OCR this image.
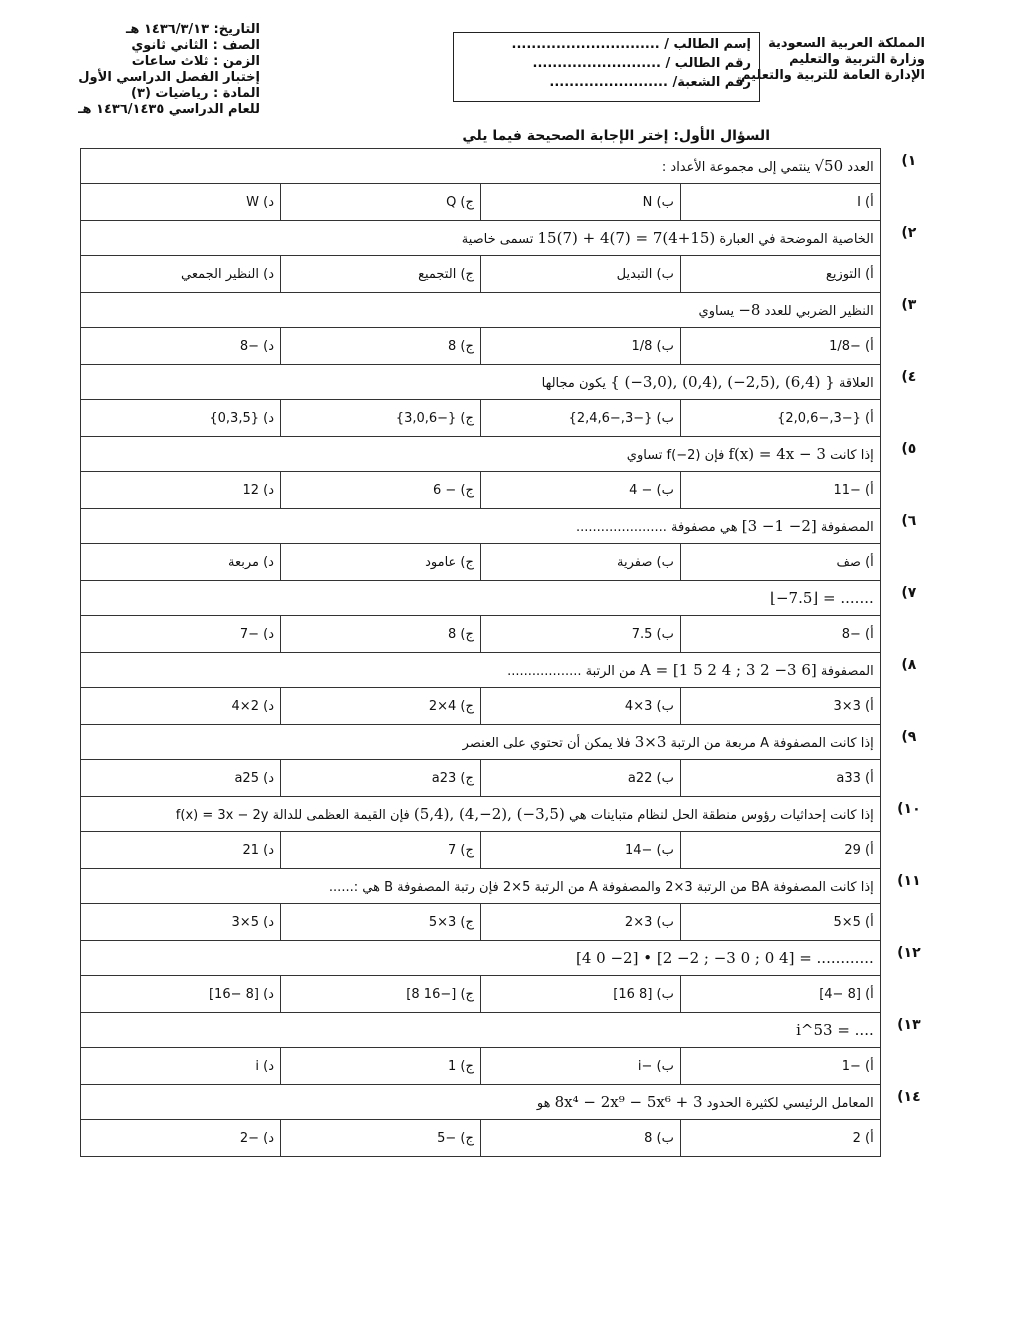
المملكة العربية السعودية
وزارة التربية والتعليم
الإدارة العامة للتربية والتعليم
إسم الطالب / ..............................
رقم الطالب / ..........................
رقم الشعبة/ ........................
التاريخ: ١٤٣٦/٣/١٣ هـ
الصف : الثاني ثانوي
الزمن : ثلاث ساعات
إختبار الفصل الدراسي الأول
المادة : رياضيات (٣)
للعام الدراسي ١٤٣٦/١٤٣٥ هـ
السؤال الأول: إختر الإجابة الصحيحة فيما يلي
١)	العدد √50 ينتمي إلى مجموعة الأعداد :			
	أ) I	ب) N	ج) Q	د) W
٢)	الخاصية الموضحة في العبارة 15(7) + 4(7) = 7(4+15) تسمى خاصية			
	أ) التوزيع	ب) التبديل	ج) التجميع	د) النظير الجمعي
٣)	النظير الضربي للعدد −8 يساوي			
	أ) −1/8	ب) 1/8	ج) 8	د) −8
٤)	العلاقة { (−3,0), (0,4), (−2,5), (6,4) } يكون مجالها			
	أ) {−3,−2,0,6}	ب) {−3,−2,4,6}	ج) {−3,0,6}	د) {0,3,5}
٥)	إذا كانت f(x) = 4x − 3 فإن f(−2) تساوي			
	أ) −11	ب) − 4	ج) − 6	د) 12
٦)	المصفوفة [3 −1 −2] هي مصفوفة ......................			
	أ) صف	ب) صفرية	ج) عامود	د) مربعة
٧)	⌊−7.5⌋ = .......			
	أ) −8	ب) 7.5	ج) 8	د) −7
٨)	المصفوفة A = [1 5 2 4 ; 3 2 −3 6] من الرتبة ..................			
	أ) 3×3	ب) 3×4	ج) 4×2	د) 2×4
٩)	إذا كانت المصفوفة A مربعة من الرتبة 3×3 فلا يمكن أن تحتوي على العنصر			
	أ) a33	ب) a22	ج) a23	د) a25
١٠)	إذا كانت إحداثيات رؤوس منطقة الحل لنظام متباينات هي (5,4), (4,−2), (−3,5) فإن القيمة العظمى للدالة f(x) = 3x − 2y			
	أ) 29	ب) −14	ج) 7	د) 21
١١)	إذا كانت المصفوفة BA من الرتبة 3×2 والمصفوفة A من الرتبة 5×2 فإن رتبة المصفوفة B هي :......			
	أ) 5×5	ب) 3×2	ج) 3×5	د) 5×3
١٢)	[4 0 −2] • [2 −2 ; −3 0 ; 0 4] = ............			
	أ) [8 −4]	ب) [8 16]	ج) [−16 8]	د) [8 −16]
١٣)	i^53 = ....			
	أ) −1	ب) −i	ج) 1	د) i
١٤)	المعامل الرئيسي لكثيرة الحدود 8x⁴ − 2x⁹ − 5x⁶ + 3 هو			
	أ) 2	ب) 8	ج) −5	د) −2
